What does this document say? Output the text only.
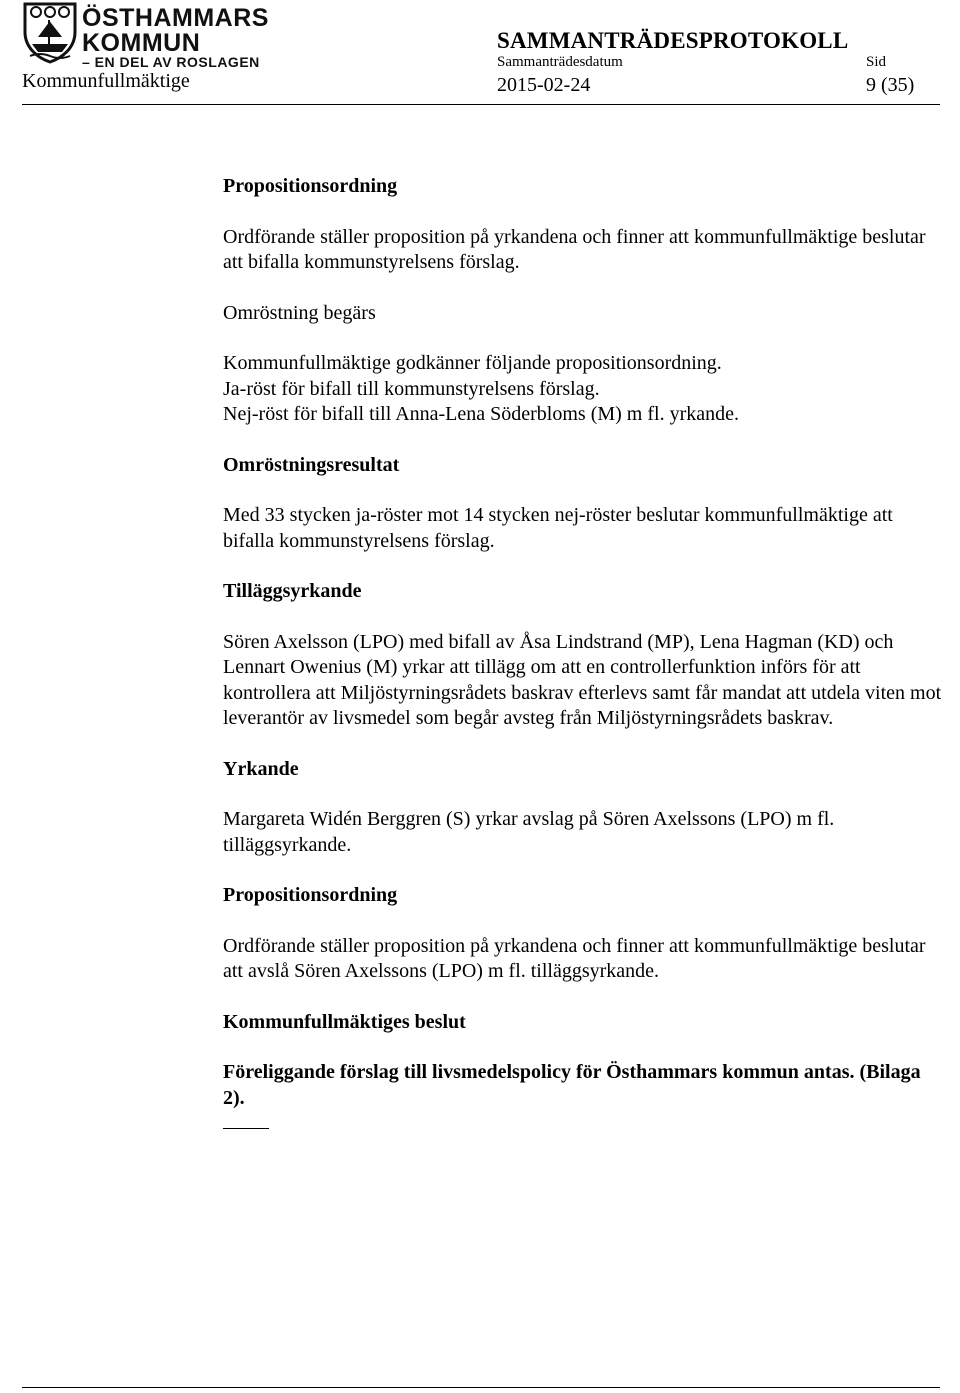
ÖSTHAMMARS
KOMMUN
– EN DEL AV ROSLAGEN
Kommunfullmäktige
SAMMANTRÄDESPROTOKOLL
Sammanträdesdatum	Sid
2015-02-24	9 (35)

Propositionsordning

Ordförande ställer proposition på yrkandena och finner att kommunfullmäktige beslutar att bifalla kommunstyrelsens förslag.

Omröstning begärs

Kommunfullmäktige godkänner följande propositionsordning.

Ja-röst för bifall till kommunstyrelsens förslag.

Nej-röst för bifall till Anna-Lena Söderbloms (M) m fl. yrkande.

Omröstningsresultat

Med 33 stycken ja-röster mot 14 stycken nej-röster beslutar kommunfullmäktige att bifalla kommunstyrelsens förslag.

Tilläggsyrkande

Sören Axelsson (LPO) med bifall av Åsa Lindstrand (MP), Lena Hagman (KD) och Lennart Owenius (M) yrkar att tillägg om att en controllerfunktion införs för att kontrollera att Miljöstyrningsrådets baskrav efterlevs samt får mandat att utdela viten mot leverantör av livsmedel som begår avsteg från Miljöstyrningsrådets baskrav.

Yrkande

Margareta Widén Berggren (S) yrkar avslag på Sören Axelssons (LPO) m fl. tilläggsyrkande.

Propositionsordning

Ordförande ställer proposition på yrkandena och finner att kommunfullmäktige beslutar att avslå Sören Axelssons (LPO) m fl. tilläggsyrkande.

Kommunfullmäktiges beslut

Föreliggande förslag till livsmedelspolicy för Östhammars kommun antas. (Bilaga 2).
